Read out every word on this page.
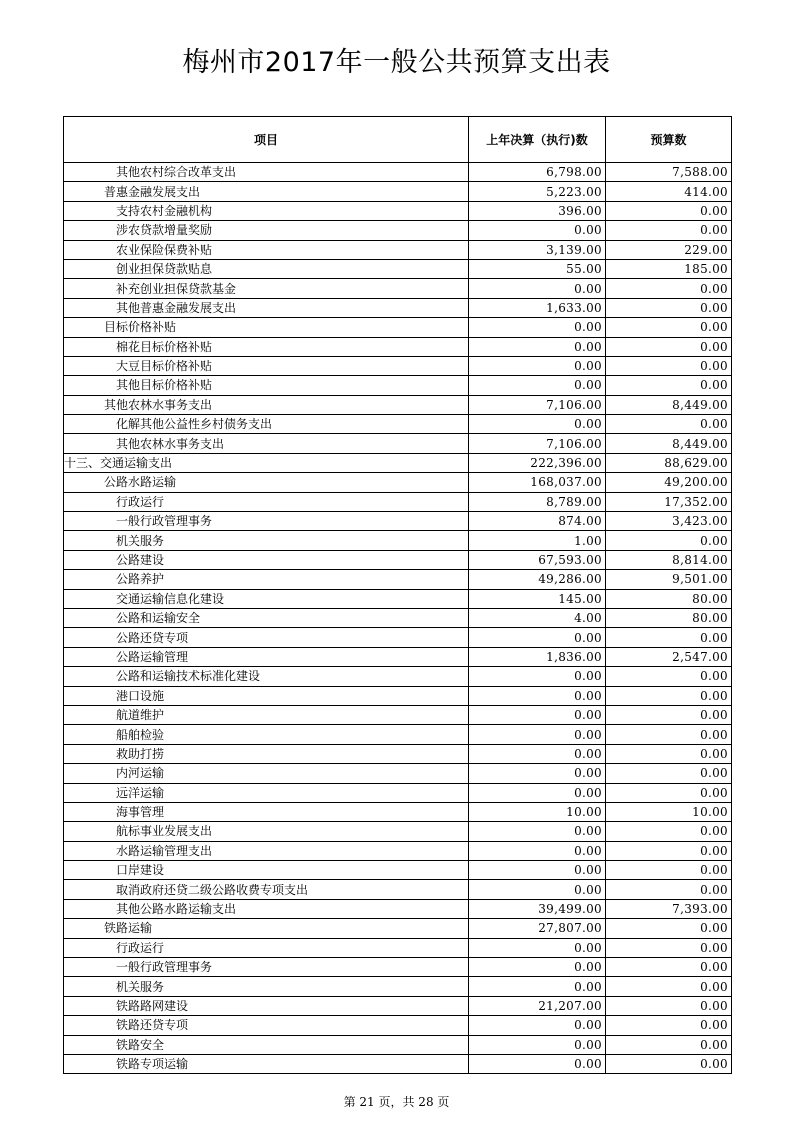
梅州市2017年一般公共预算支出表
项目	上年决算（执行)数	预算数
其他农村综合改革支出	6,798.00	7,588.00
普惠金融发展支出	5,223.00	414.00
支持农村金融机构	396.00	0.00
涉农贷款增量奖励	0.00	0.00
农业保险保费补贴	3,139.00	229.00
创业担保贷款贴息	55.00	185.00
补充创业担保贷款基金	0.00	0.00
其他普惠金融发展支出	1,633.00	0.00
目标价格补贴	0.00	0.00
棉花目标价格补贴	0.00	0.00
大豆目标价格补贴	0.00	0.00
其他目标价格补贴	0.00	0.00
其他农林水事务支出	7,106.00	8,449.00
化解其他公益性乡村债务支出	0.00	0.00
其他农林水事务支出	7,106.00	8,449.00
十三、交通运输支出	222,396.00	88,629.00
公路水路运输	168,037.00	49,200.00
行政运行	8,789.00	17,352.00
一般行政管理事务	874.00	3,423.00
机关服务	1.00	0.00
公路建设	67,593.00	8,814.00
公路养护	49,286.00	9,501.00
交通运输信息化建设	145.00	80.00
公路和运输安全	4.00	80.00
公路还贷专项	0.00	0.00
公路运输管理	1,836.00	2,547.00
公路和运输技术标准化建设	0.00	0.00
港口设施	0.00	0.00
航道维护	0.00	0.00
船舶检验	0.00	0.00
救助打捞	0.00	0.00
内河运输	0.00	0.00
远洋运输	0.00	0.00
海事管理	10.00	10.00
航标事业发展支出	0.00	0.00
水路运输管理支出	0.00	0.00
口岸建设	0.00	0.00
取消政府还贷二级公路收费专项支出	0.00	0.00
其他公路水路运输支出	39,499.00	7,393.00
铁路运输	27,807.00	0.00
行政运行	0.00	0.00
一般行政管理事务	0.00	0.00
机关服务	0.00	0.00
铁路路网建设	21,207.00	0.00
铁路还贷专项	0.00	0.00
铁路安全	0.00	0.00
铁路专项运输	0.00	0.00
第 21 页，共 28 页
